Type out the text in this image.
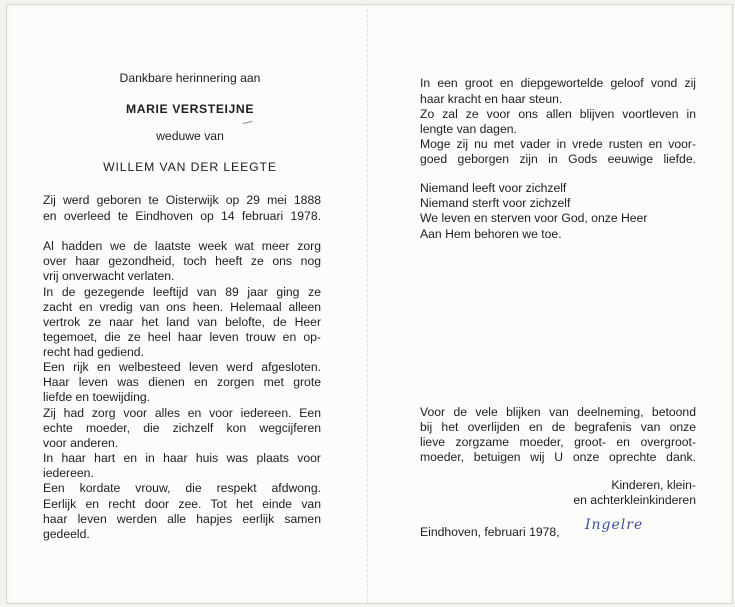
Dankbare herinnering aan
MARIE VERSTEIJNE
weduwe van
WILLEM VAN DER LEEGTE
Zij werd geboren te Oisterwijk op 29 mei 1888
en overleed te Eindhoven op 14 februari 1978.
Al hadden we de laatste week wat meer zorg
over haar gezondheid, toch heeft ze ons nog
vrij onverwacht verlaten.
In de gezegende leeftijd van 89 jaar ging ze
zacht en vredig van ons heen. Helemaal alleen
vertrok ze naar het land van belofte, de Heer
tegemoet, die ze heel haar leven trouw en op-
recht had gediend.
Een rijk en welbesteed leven werd afgesloten.
Haar leven was dienen en zorgen met grote
liefde en toewijding.
Zij had zorg voor alles en voor iedereen. Een
echte moeder, die zichzelf kon wegcijferen
voor anderen.
In haar hart en in haar huis was plaats voor
iedereen.
Een kordate vrouw, die respekt afdwong.
Eerlijk en recht door zee. Tot het einde van
haar leven werden alle hapjes eerlijk samen
gedeeld.
In een groot en diepgewortelde geloof vond zij
haar kracht en haar steun.
Zo zal ze voor ons allen blijven voortleven in
lengte van dagen.
Moge zij nu met vader in vrede rusten en voor-
goed geborgen zijn in Gods eeuwige liefde.
Niemand leeft voor zichzelf
Niemand sterft voor zichzelf
We leven en sterven voor God, onze Heer
Aan Hem behoren we toe.
Voor de vele blijken van deelneming, betoond
bij het overlijden en de begrafenis van onze
lieve zorgzame moeder, groot- en overgroot-
moeder, betuigen wij U onze oprechte dank.
Kinderen, klein-
en achterkleinkinderen
Eindhoven, februari 1978, Ingelre
